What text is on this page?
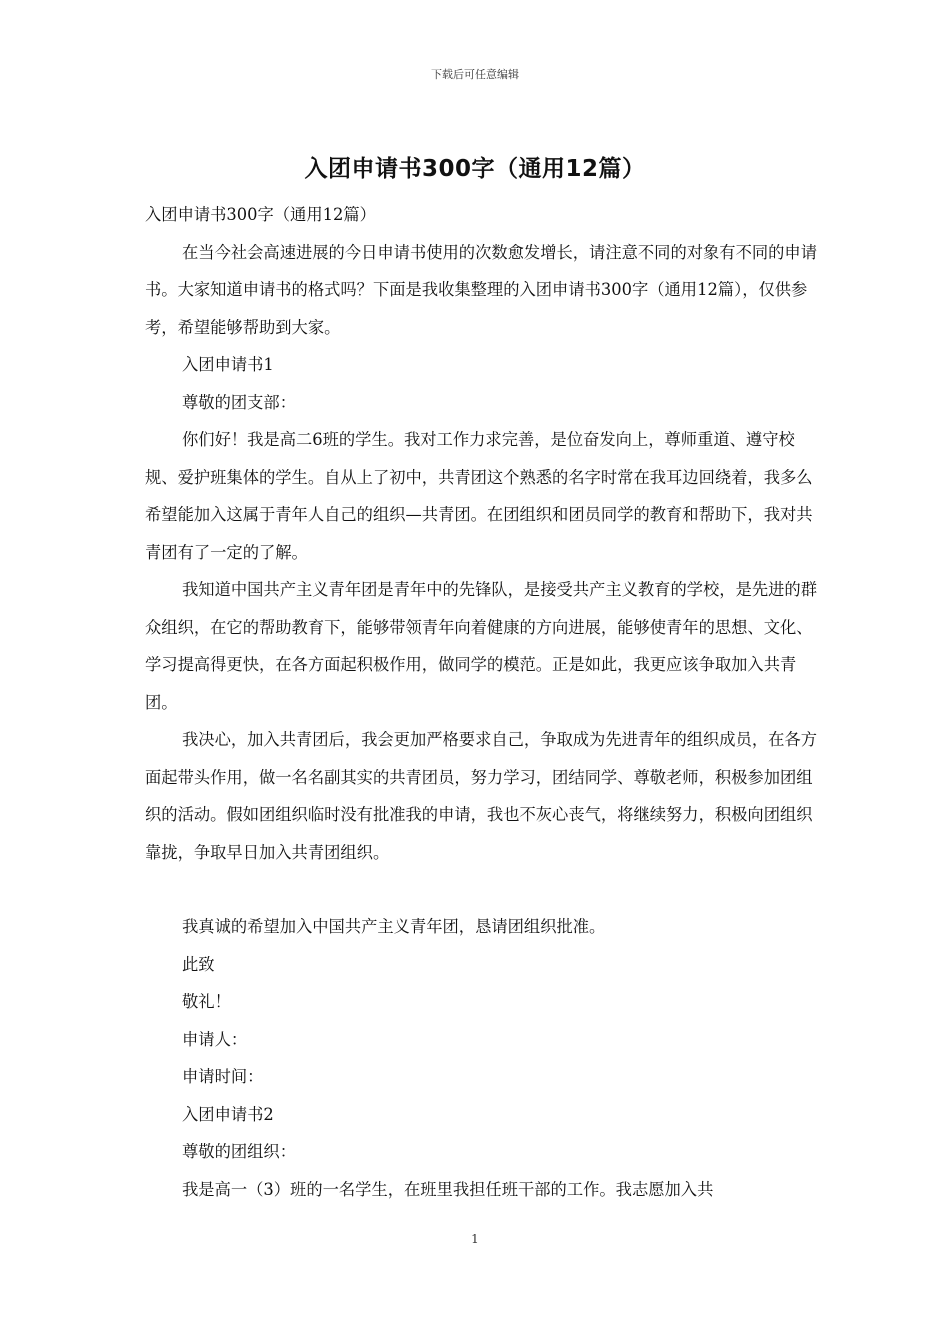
下载后可任意编辑
入团申请书300字（通用12篇）

入团申请书300字（通用12篇）

在当今社会高速进展的今日申请书使用的次数愈发增长，请注意不同的对象有不同的申请书。大家知道申请书的格式吗？下面是我收集整理的入团申请书300字（通用12篇），仅供参考，希望能够帮助到大家。

入团申请书1

尊敬的团支部：

你们好！我是高二6班的学生。我对工作力求完善，是位奋发向上，尊师重道、遵守校规、爱护班集体的学生。自从上了初中，共青团这个熟悉的名字时常在我耳边回绕着，我多么希望能加入这属于青年人自己的组织—共青团。在团组织和团员同学的教育和帮助下，我对共青团有了一定的了解。

我知道中国共产主义青年团是青年中的先锋队，是接受共产主义教育的学校，是先进的群众组织，在它的帮助教育下，能够带领青年向着健康的方向进展，能够使青年的思想、文化、学习提高得更快，在各方面起积极作用，做同学的模范。正是如此，我更应该争取加入共青团。

我决心，加入共青团后，我会更加严格要求自己，争取成为先进青年的组织成员，在各方面起带头作用，做一名名副其实的共青团员，努力学习，团结同学、尊敬老师，积极参加团组织的活动。假如团组织临时没有批准我的申请，我也不灰心丧气，将继续努力，积极向团组织靠拢，争取早日加入共青团组织。

我真诚的希望加入中国共产主义青年团，恳请团组织批准。

此致

敬礼！

申请人：

申请时间：

入团申请书2

尊敬的团组织：

我是高一（3）班的一名学生，在班里我担任班干部的工作。我志愿加入共

1
